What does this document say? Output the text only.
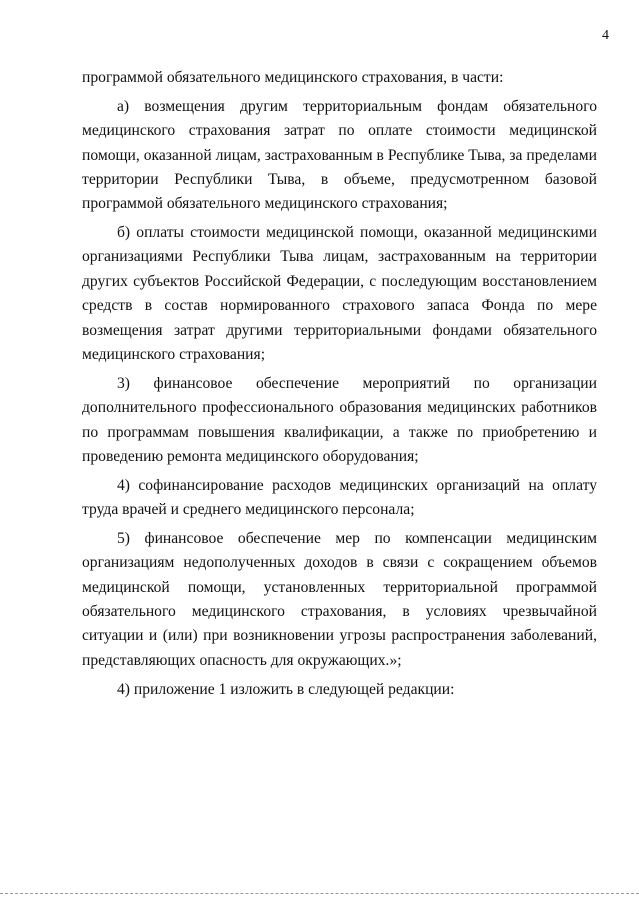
4

программой обязательного медицинского страхования, в части:

а) возмещения другим территориальным фондам обязательного медицинского страхования затрат по оплате стоимости медицинской помощи, оказанной лицам, застрахованным в Республике Тыва, за пределами территории Республики Тыва, в объеме, предусмотренном базовой программой обязательного медицинского страхования;

б) оплаты стоимости медицинской помощи, оказанной медицинскими организациями Республики Тыва лицам, застрахованным на территории других субъектов Российской Федерации, с последующим восстановлением средств в состав нормированного страхового запаса Фонда по мере возмещения затрат другими территориальными фондами обязательного медицинского страхования;

3) финансовое обеспечение мероприятий по организации дополнительного профессионального образования медицинских работников по программам повышения квалификации, а также по приобретению и проведению ремонта медицинского оборудования;

4) софинансирование расходов медицинских организаций на оплату труда врачей и среднего медицинского персонала;

5) финансовое обеспечение мер по компенсации медицинским организациям недополученных доходов в связи с сокращением объемов медицинской помощи, установленных территориальной программой обязательного медицинского страхования, в условиях чрезвычайной ситуации и (или) при возникновении угрозы распространения заболеваний, представляющих опасность для окружающих.»;

4) приложение 1 изложить в следующей редакции:
